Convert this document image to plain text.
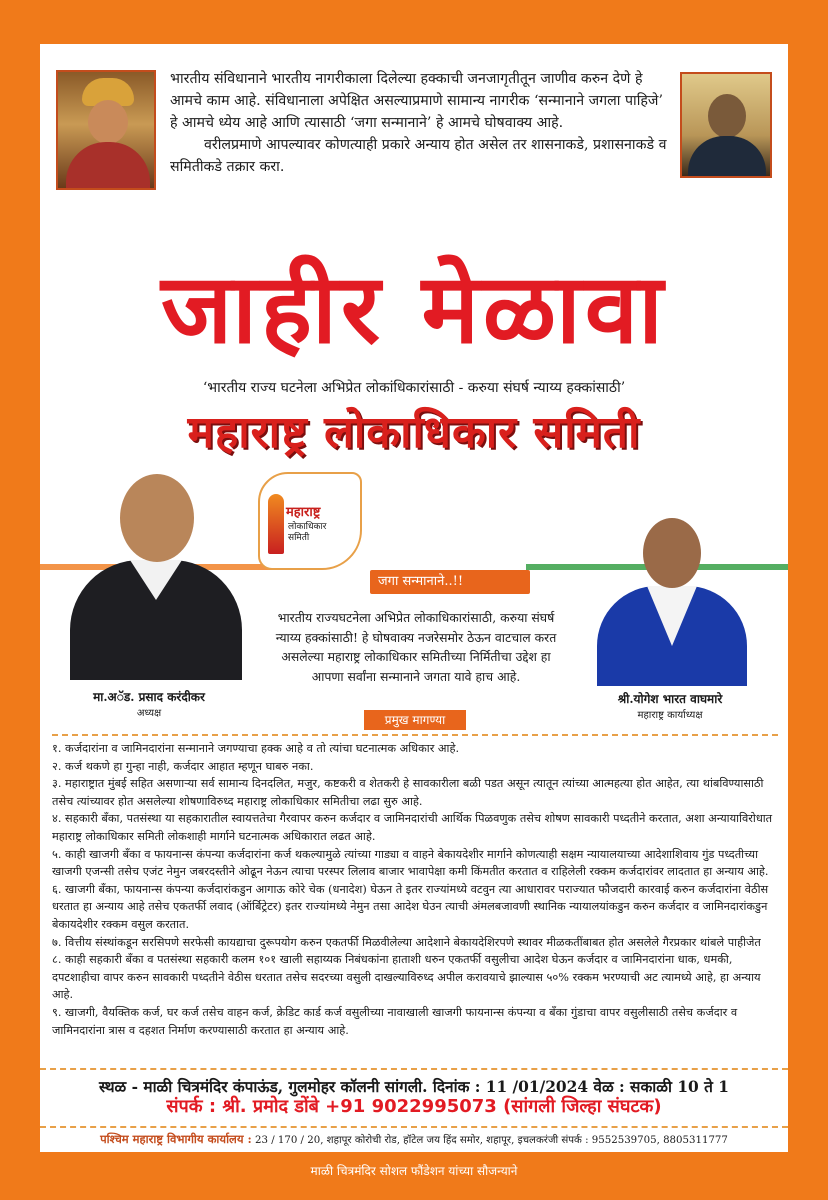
भारतीय संविधानाने भारतीय नागरीकाला दिलेल्या हक्काची जनजागृतीतून जाणीव करुन देणे हे आमचे काम आहे. संविधानाला अपेक्षित असल्याप्रमाणे सामान्य नागरीक ‘सन्मानाने जगला पाहिजे’ हे आमचे ध्येय आहे आणि त्यासाठी ‘जगा सन्मानाने’ हे आमचे घोषवाक्य आहे.

वरीलप्रमाणे आपल्यावर कोणत्याही प्रकारे अन्याय होत असेल तर शासनाकडे, प्रशासनाकडे व समितीकडे तक्रार करा.

जाहीर मेळावा
‘भारतीय राज्य घटनेला अभिप्रेत लोकांधिकारांसाठी - करुया संघर्ष न्याय्य हक्कांसाठी’
महाराष्ट्र लोकाधिकार समिती
महाराष्ट्र
लोकाधिकार
समिती
जगा सन्मानाने..!!

भारतीय राज्यघटनेला अभिप्रेत लोकाधिकारांसाठी, करुया संघर्ष न्याय्य हक्कांसाठी! हे घोषवाक्य नजरेसमोर ठेऊन वाटचाल करत असलेल्या महाराष्ट्र लोकाधिकार समितीच्या निर्मितीचा उद्देश हा आपणा सर्वांना सन्मानाने जगता यावे हाच आहे.

मा.अॅड. प्रसाद करंदीकर
अध्यक्ष
श्री.योगेश भारत वाघमारे
महाराष्ट्र कार्याध्यक्ष
प्रमुख मागण्या
१. कर्जदारांना व जामिनदारांना सन्मानाने जगण्याचा हक्क आहे व तो त्यांचा घटनात्मक अधिकार आहे.
२. कर्ज थकणे हा गुन्हा नाही, कर्जदार आहात म्हणून घाबरु नका.
३. महाराष्ट्रात मुंबई सहित असणाऱ्या सर्व सामान्य दिनदलित, मजुर, कष्टकरी व शेतकरी हे सावकारीला बळी पडत असून त्यातून त्यांच्या आत्महत्या होत आहेत, त्या थांबविण्यासाठी तसेच त्यांच्यावर होत असलेल्या शोषणाविरुध्द महाराष्ट्र लोकाधिकार समितीचा लढा सुरु आहे.
४. सहकारी बँका, पतसंस्था या सहकारातील स्वायत्ततेचा गैरवापर करुन कर्जदार व जामिनदारांची आर्थिक पिळवणुक तसेच शोषण सावकारी पध्दतीने करतात, अशा अन्यायाविरोधात महाराष्ट्र लोकाधिकार समिती लोकशाही मार्गाने घटनात्मक अधिकारात लढत आहे.
५. काही खाजगी बँका व फायनान्स कंपन्या कर्जदारांना कर्ज थकल्यामुळे त्यांच्या गाड्या व वाहने बेकायदेशीर मार्गाने कोणत्याही सक्षम न्यायालयाच्या आदेशाशिवाय गुंड पध्दतीच्या खाजगी एजन्सी तसेच एजंट नेमुन जबरदस्तीने ओढून नेऊन त्याचा परस्पर लिलाव बाजार भावापेक्षा कमी किंमतीत करतात व राहिलेली रक्कम कर्जदारांवर लादतात हा अन्याय आहे.
६. खाजगी बँका, फायनान्स कंपन्या कर्जदारांकडुन आगाऊ कोरे चेक (धनादेश) घेऊन ते इतर राज्यांमध्ये वटवुन त्या आधारावर पराज्यात फौजदारी कारवाई करुन कर्जदारांना वेठीस धरतात हा अन्याय आहे तसेच एकतर्फी लवाद (ऑर्बिट्रेटर) इतर राज्यांमध्ये नेमुन तसा आदेश घेउन त्याची अंमलबजावणी स्थानिक न्यायालयांकडुन करुन कर्जदार व जामिनदारांकडुन बेकायदेशीर रक्कम वसुल करतात.
७. वित्तीय संस्थांकडून सरसिपणे सरफेसी कायद्याचा दुरूपयोग करुन एकतर्फी मिळवीलेल्या आदेशाने बेकायदेशिरपणे स्थावर मीळकतींबाबत होत असलेले गैरप्रकार थांबले पाहीजेत
८. काही सहकारी बँका व पतसंस्था सहकारी कलम १०१ खाली सहाय्यक निबंधकांना हाताशी धरुन एकतर्फी वसुलीचा आदेश घेऊन कर्जदार व जामिनदारांना धाक, धमकी, दपटशाहीचा वापर करुन सावकारी पध्दतीने वेठीस धरतात तसेच सदरच्या वसुली दाखल्याविरुध्द अपील करावयाचे झाल्यास ५०% रक्कम भरण्याची अट त्यामध्ये आहे, हा अन्याय आहे.
९. खाजगी, वैयक्तिक कर्ज, घर कर्ज तसेच वाहन कर्ज, क्रेडिट कार्ड कर्ज वसुलीच्या नावाखाली खाजगी फायनान्स कंपन्या व बँका गुंडाचा वापर वसुलीसाठी तसेच कर्जदार व जामिनदारांना त्रास व दहशत निर्माण करण्यासाठी करतात हा अन्याय आहे.
स्थळ - माळी चित्रमंदिर कंपाऊंड, गुलमोहर कॉलनी सांगली. दिनांक : 11 /01/2024 वेळ : सकाळी 10 ते 1
संपर्क : श्री. प्रमोद डोंबे +91 9022995073 (सांगली जिल्हा संघटक)
पश्चिम महाराष्ट्र विभागीय कार्यालय : 23 / 170 / 20, शहापूर कोरोची रोड, हॉटेल जय हिंद समोर, शहापूर, इचलकरंजी संपर्क : 9552539705, 8805311777
माळी चित्रमंदिर सोशल फौंडेशन यांच्या सौजन्याने
